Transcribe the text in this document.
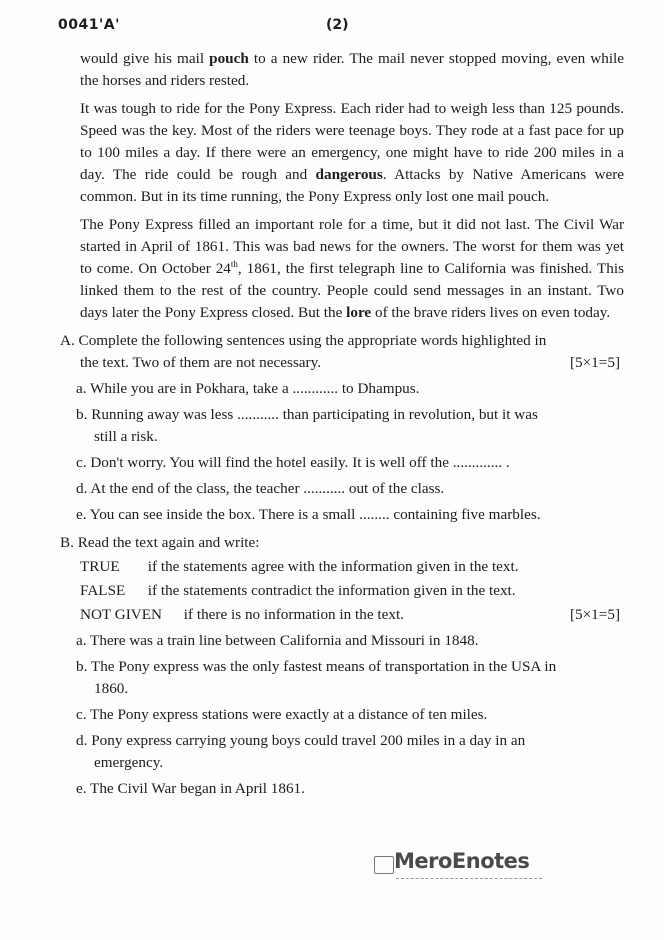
0041'A'	(2)

would give his mail pouch to a new rider. The mail never stopped moving, even while the horses and riders rested.

It was tough to ride for the Pony Express. Each rider had to weigh less than 125 pounds. Speed was the key. Most of the riders were teenage boys. They rode at a fast pace for up to 100 miles a day. If there were an emergency, one might have to ride 200 miles in a day. The ride could be rough and dangerous. Attacks by Native Americans were common. But in its time running, the Pony Express only lost one mail pouch.

The Pony Express filled an important role for a time, but it did not last. The Civil War started in April of 1861. This was bad news for the owners. The worst for them was yet to come. On October 24th, 1861, the first telegraph line to California was finished. This linked them to the rest of the country. People could send messages in an instant. Two days later the Pony Express closed. But the lore of the brave riders lives on even today.

A. Complete the following sentences using the appropriate words highlighted in
the text. Two of them are not necessary.	[5×1=5]
a. While you are in Pokhara, take a ............ to Dhampus.
b. Running away was less ........... than participating in revolution, but it was
still a risk.
c. Don't worry. You will find the hotel easily. It is well off the ............. .
d. At the end of the class, the teacher ........... out of the class.
e. You can see inside the box. There is a small ........ containing five marbles.
B. Read the text again and write:
TRUE if the statements agree with the information given in the text.
FALSE if the statements contradict the information given in the text.
NOT GIVEN if there is no information in the text.	[5×1=5]
a. There was a train line between California and Missouri in 1848.
b. The Pony express was the only fastest means of transportation in the USA in
1860.
c. The Pony express stations were exactly at a distance of ten miles.
d. Pony express carrying young boys could travel 200 miles in a day in an
emergency.
e. The Civil War began in April 1861.
MeroEnotes
